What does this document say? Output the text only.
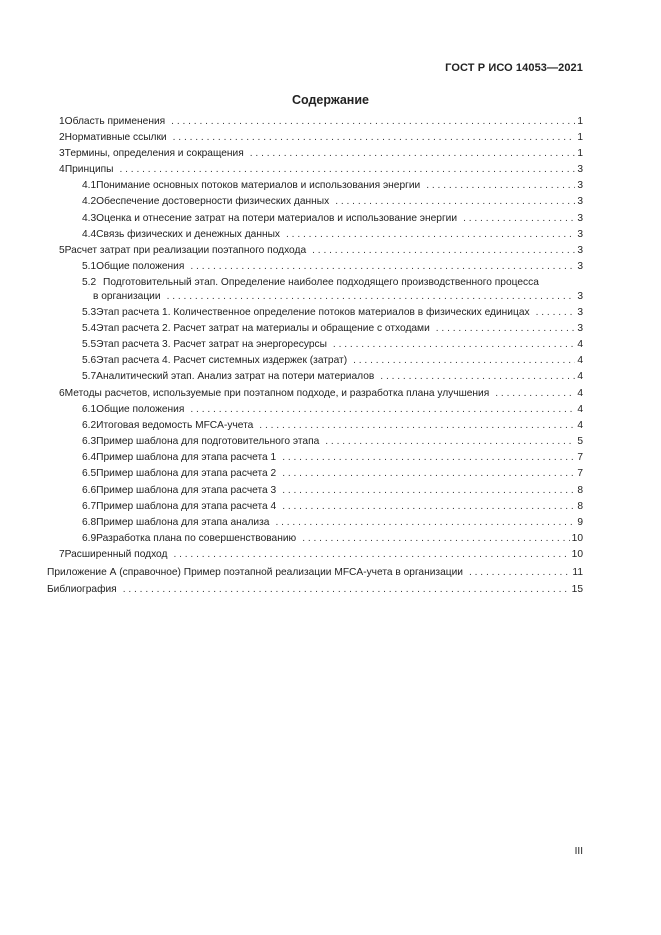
ГОСТ Р ИСО 14053—2021
Содержание
1 Область применения . . .	1
2 Нормативные ссылки . . .	1
3 Термины, определения и сокращения . . .	1
4 Принципы . . .	3
4.1 Понимание основных потоков материалов и использования энергии . . .	3
4.2 Обеспечение достоверности физических данных . . .	3
4.3 Оценка и отнесение затрат на потери материалов и использование энергии . . .	3
4.4 Связь физических и денежных данных . . .	3
5 Расчет затрат при реализации поэтапного подхода . . .	3
5.1 Общие положения . . .	3
5.2 Подготовительный этап. Определение наиболее подходящего производственного процесса
в организации . . .	3
5.3 Этап расчета 1. Количественное определение потоков материалов в физических единицах . . .	3
5.4 Этап расчета 2. Расчет затрат на материалы и обращение с отходами . . .	3
5.5 Этап расчета 3. Расчет затрат на энергоресурсы . . .	4
5.6 Этап расчета 4. Расчет системных издержек (затрат) . . .	4
5.7 Аналитический этап. Анализ затрат на потери материалов . . .	4
6 Методы расчетов, используемые при поэтапном подходе, и разработка плана улучшения . . .	4
6.1 Общие положения . . .	4
6.2 Итоговая ведомость MFCA-учета . . .	4
6.3 Пример шаблона для подготовительного этапа . . .	5
6.4 Пример шаблона для этапа расчета 1 . . .	7
6.5 Пример шаблона для этапа расчета 2 . . .	7
6.6 Пример шаблона для этапа расчета 3 . . .	8
6.7 Пример шаблона для этапа расчета 4 . . .	8
6.8 Пример шаблона для этапа анализа . . .	9
6.9 Разработка плана по совершенствованию . . .	10
7 Расширенный подход . . .	10
Приложение А (справочное) Пример поэтапной реализации MFCA-учета в организации . . .	11
Библиография . . .	15
III
